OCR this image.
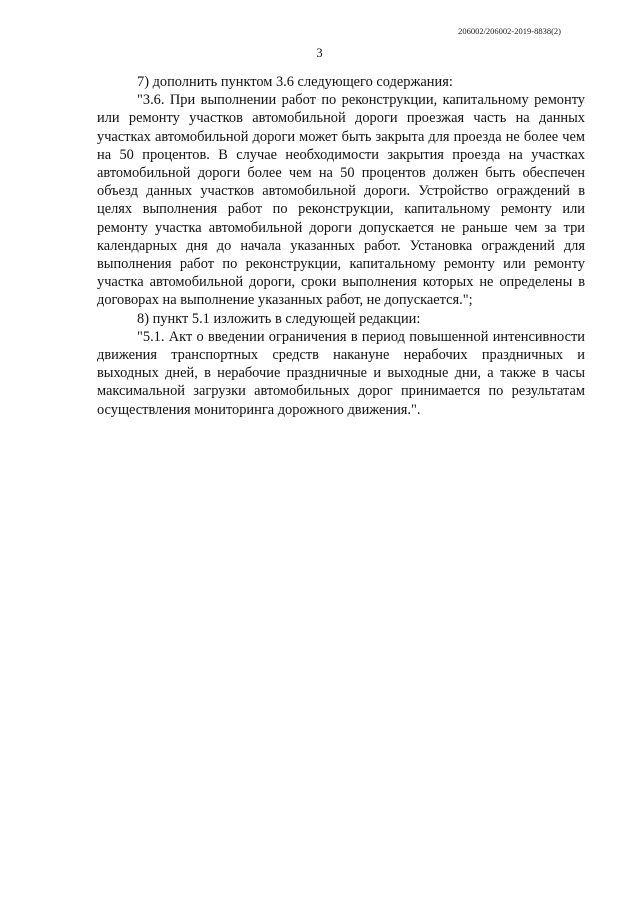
206002/206002-2019-8838(2)
3

7) дополнить пунктом 3.6 следующего содержания:

"3.6. При выполнении работ по реконструкции, капитальному ремонту или ремонту участков автомобильной дороги проезжая часть на данных участках автомобильной дороги может быть закрыта для проезда не более чем на 50 процентов. В случае необходимости закрытия проезда на участках автомобильной дороги более чем на 50 процентов должен быть обеспечен объезд данных участков автомобильной дороги. Устройство ограждений в целях выполнения работ по реконструкции, капитальному ремонту или ремонту участка автомобильной дороги допускается не раньше чем за три календарных дня до начала указанных работ. Установка ограждений для выполнения работ по реконструкции, капитальному ремонту или ремонту участка автомобильной дороги, сроки выполнения которых не определены в договорах на выполнение указанных работ, не допускается.";

8) пункт 5.1 изложить в следующей редакции:

"5.1. Акт о введении ограничения в период повышенной интенсивности движения транспортных средств накануне нерабочих праздничных и выходных дней, в нерабочие праздничные и выходные дни, а также в часы максимальной загрузки автомобильных дорог принимается по результатам осуществления мониторинга дорожного движения.".
